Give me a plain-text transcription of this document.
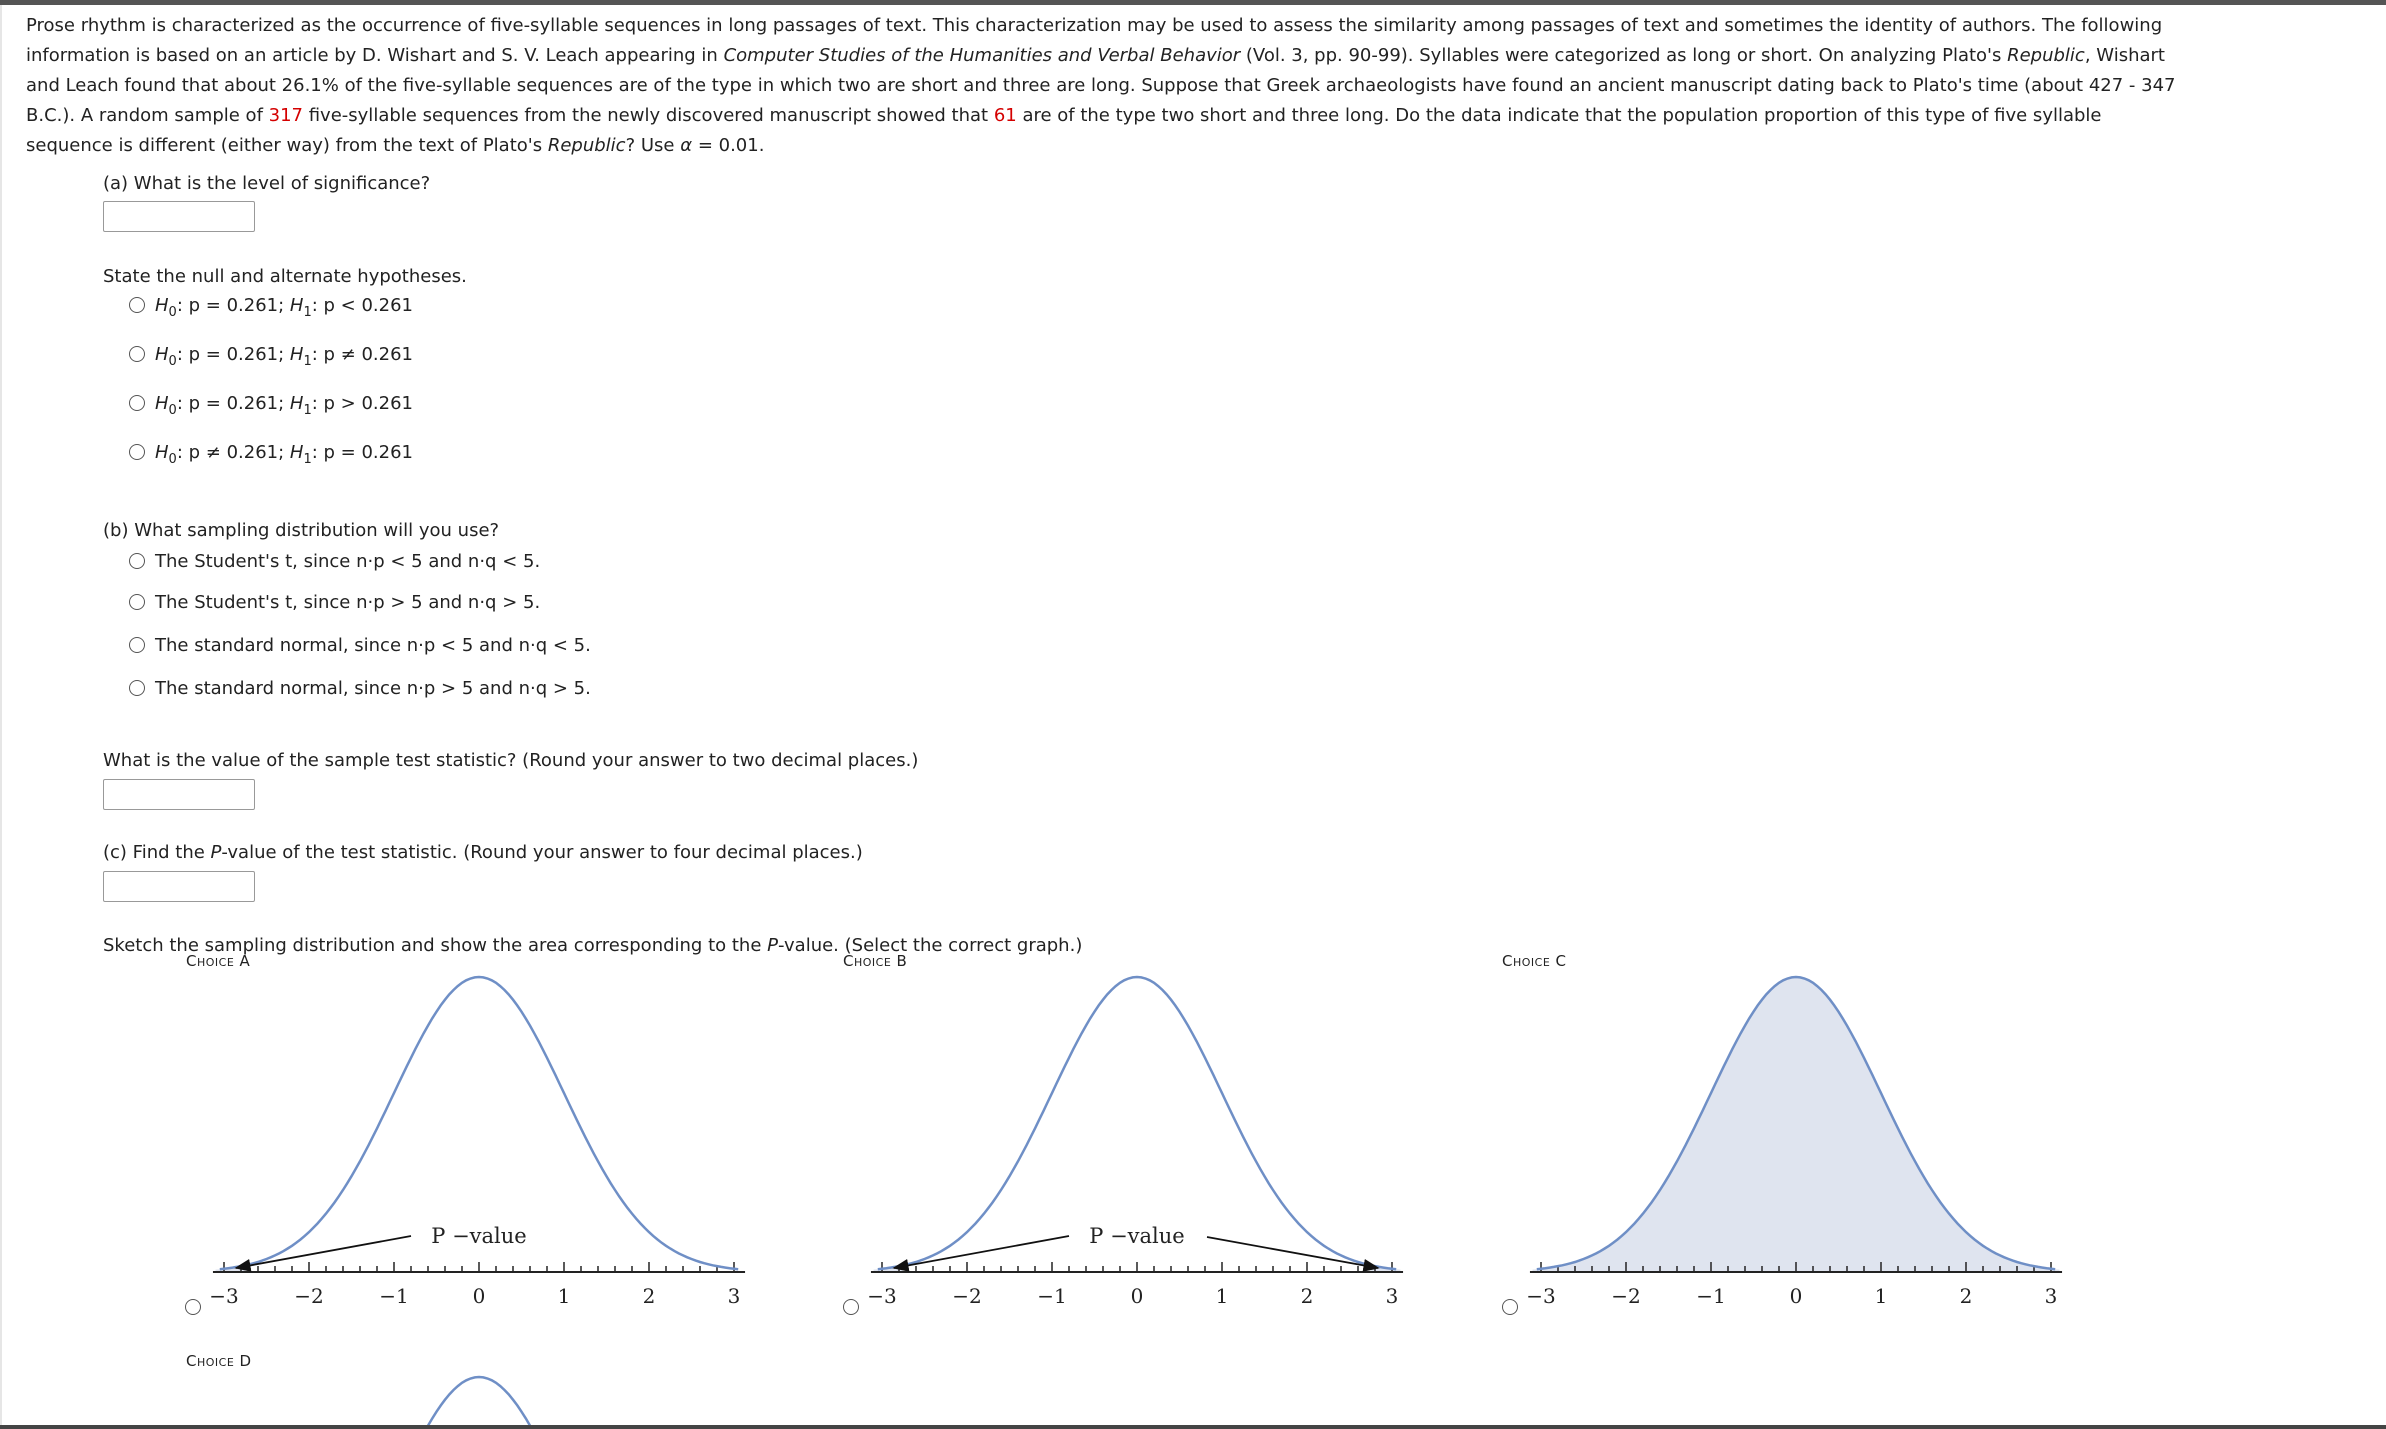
Prose rhythm is characterized as the occurrence of five-syllable sequences in long passages of text. This characterization may be used to assess the similarity among passages of text and sometimes the identity of authors. The following
information is based on an article by D. Wishart and S. V. Leach appearing in Computer Studies of the Humanities and Verbal Behavior (Vol. 3, pp. 90-99). Syllables were categorized as long or short. On analyzing Plato's Republic, Wishart
and Leach found that about 26.1% of the five-syllable sequences are of the type in which two are short and three are long. Suppose that Greek archaeologists have found an ancient manuscript dating back to Plato's time (about 427 - 347
B.C.). A random sample of 317 five-syllable sequences from the newly discovered manuscript showed that 61 are of the type two short and three long. Do the data indicate that the population proportion of this type of five syllable
sequence is different (either way) from the text of Plato's Republic? Use α = 0.01.
(a) What is the level of significance?
State the null and alternate hypotheses.
$H_0$: p = 0.261; $H_1$: p < 0.261
$H_0$: p = 0.261; $H_1$: p ≠ 0.261
$H_0$: p = 0.261; $H_1$: p > 0.261
$H_0$: p ≠ 0.261; $H_1$: p = 0.261
(b) What sampling distribution will you use?
The Student's t, since n·p < 5 and n·q < 5.
The Student's t, since n·p > 5 and n·q > 5.
The standard normal, since n·p < 5 and n·q < 5.
The standard normal, since n·p > 5 and n·q > 5.
What is the value of the sample test statistic? (Round your answer to two decimal places.)
(c) Find the P-value of the test statistic. (Round your answer to four decimal places.)
Sketch the sampling distribution and show the area corresponding to the P-value. (Select the correct graph.)
Choice A	Choice B	Choice C
Choice D
−3	−2	−1	0	1	2	3
P −value
−3	−2	−1	0	1	2	3
P −value
−3	−2	−1	0	1	2	3
